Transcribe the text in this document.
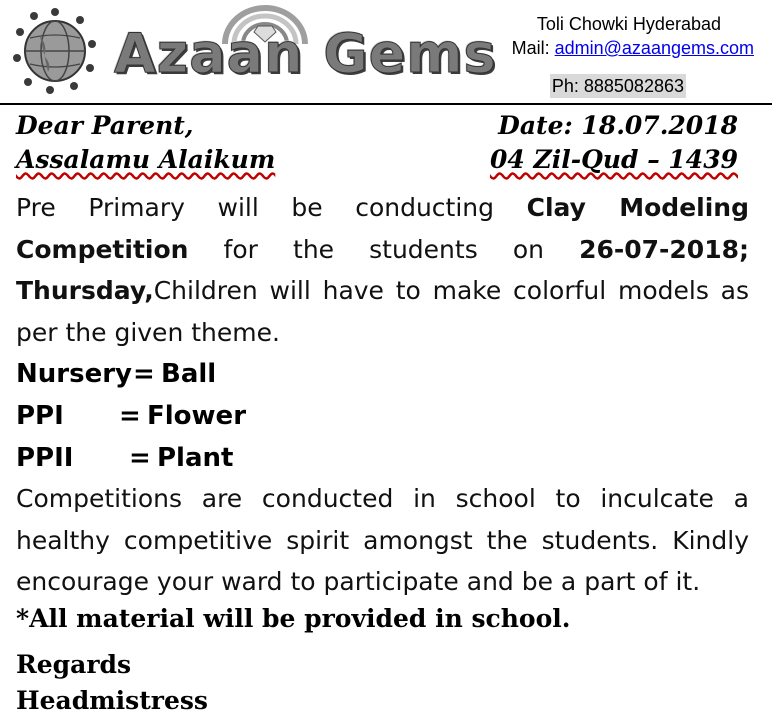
Azaan Gems	Toli Chowki Hyderabad
Mail: admin@azaangems.com
Ph: 8885082863
Dear Parent,	Date: 18.07.2018
Assalamu Alaikum	04 Zil-Qud – 1439
Pre Primary will be conducting Clay Modeling Competition for the students on 26-07-2018; Thursday,Children will have to make colorful models as per the given theme.
Nursery = Ball
PPI = Flower
PPII = Plant
Competitions are conducted in school to inculcate a healthy competitive spirit amongst the students. Kindly encourage your ward to participate and be a part of it.
*All material will be provided in school.
Regards
Headmistress
